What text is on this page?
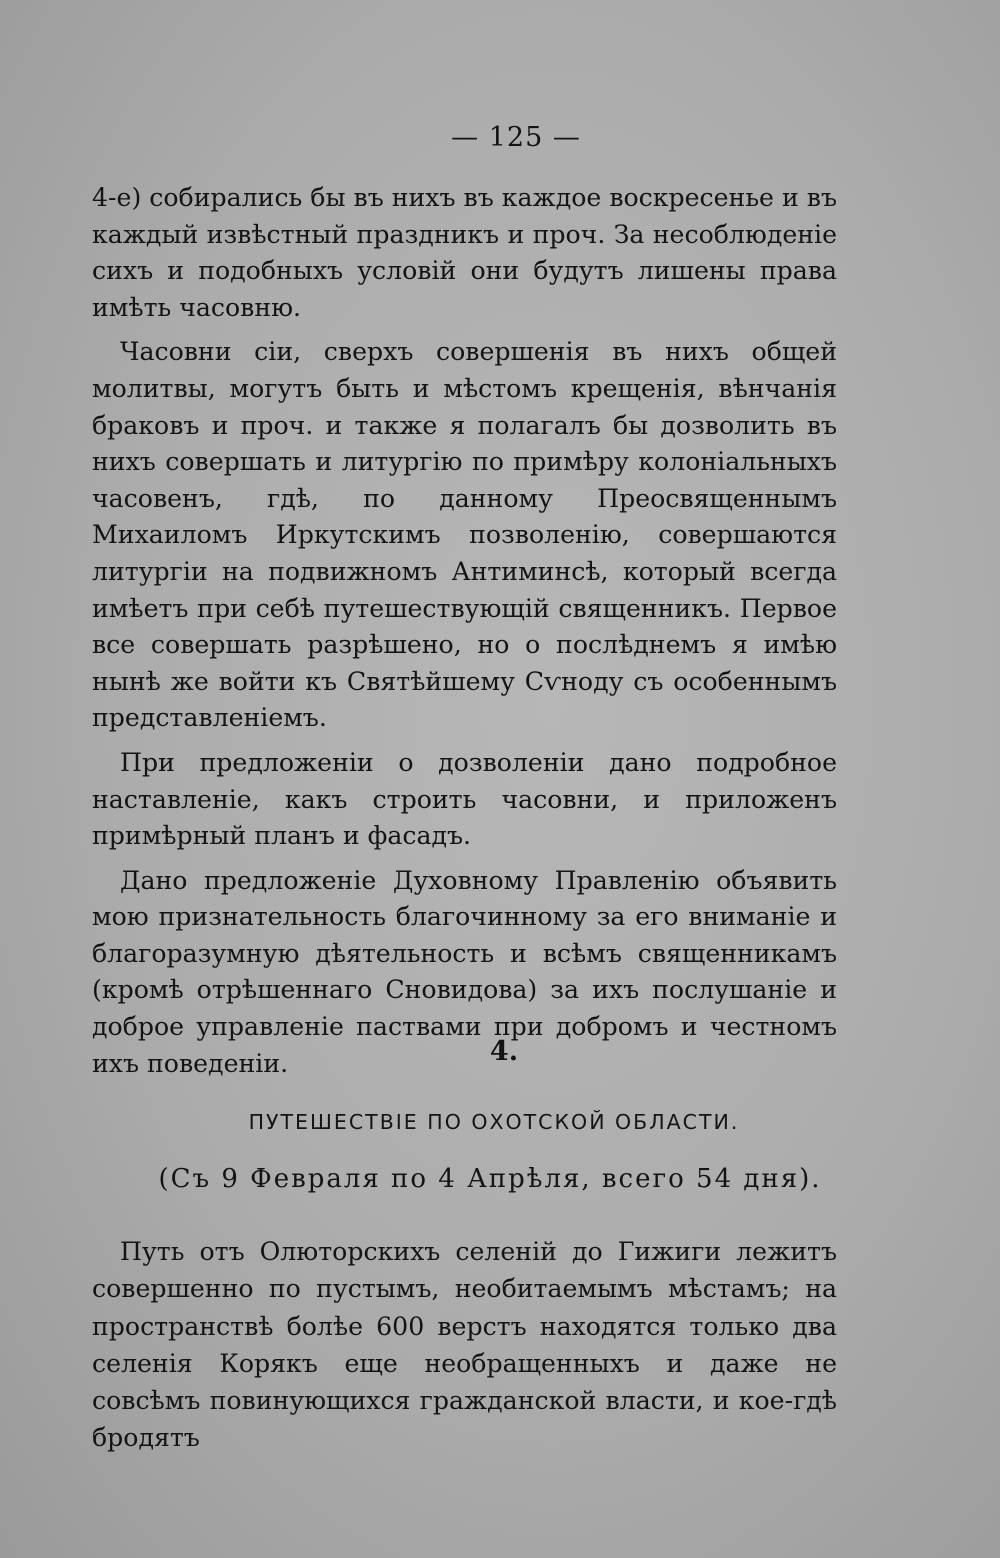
— 125 —

4-е) собирались бы въ нихъ въ каждое воскресенье и въ каждый извѣстный праздникъ и проч. За несоблюденіе сихъ и подобныхъ условій они будутъ лишены права имѣть часовню.

Часовни сіи, сверхъ совершенія въ нихъ общей молитвы, могутъ быть и мѣстомъ крещенія, вѣнчанія браковъ и проч. и также я полагалъ бы дозволить въ нихъ совершать и литургію по примѣру колоніальныхъ часовенъ, гдѣ, по данному Преосвященнымъ Михаиломъ Иркутскимъ позволенію, совершаются литургіи на подвижномъ Антиминсѣ, который всегда имѣетъ при себѣ путешествующій священникъ. Первое все совершать разрѣшено, но о послѣднемъ я имѣю нынѣ же войти къ Святѣйшему Сѵноду съ особеннымъ представленіемъ.

При предложеніи о дозволеніи дано подробное наставленіе, какъ строить часовни, и приложенъ примѣрный планъ и фасадъ.

Дано предложеніе Духовному Правленію объявить мою признательность благочинному за его вниманіе и благоразумную дѣятельность и всѣмъ священникамъ (кромѣ отрѣшеннаго Сновидова) за ихъ послушаніе и доброе управленіе паствами при добромъ и честномъ ихъ поведеніи.	4.
ПУТЕШЕСТВІЕ ПО ОХОТСКОЙ ОБЛАСТИ.
(Съ 9 Февраля по 4 Апрѣля, всего 54 дня).

Путь отъ Олюторскихъ селеній до Гижиги лежитъ совершенно по пустымъ, необитаемымъ мѣстамъ; на пространствѣ болѣе 600 верстъ находятся только два селенія Корякъ еще необращенныхъ и даже не совсѣмъ повинующихся гражданской власти, и кое-гдѣ бродятъ
